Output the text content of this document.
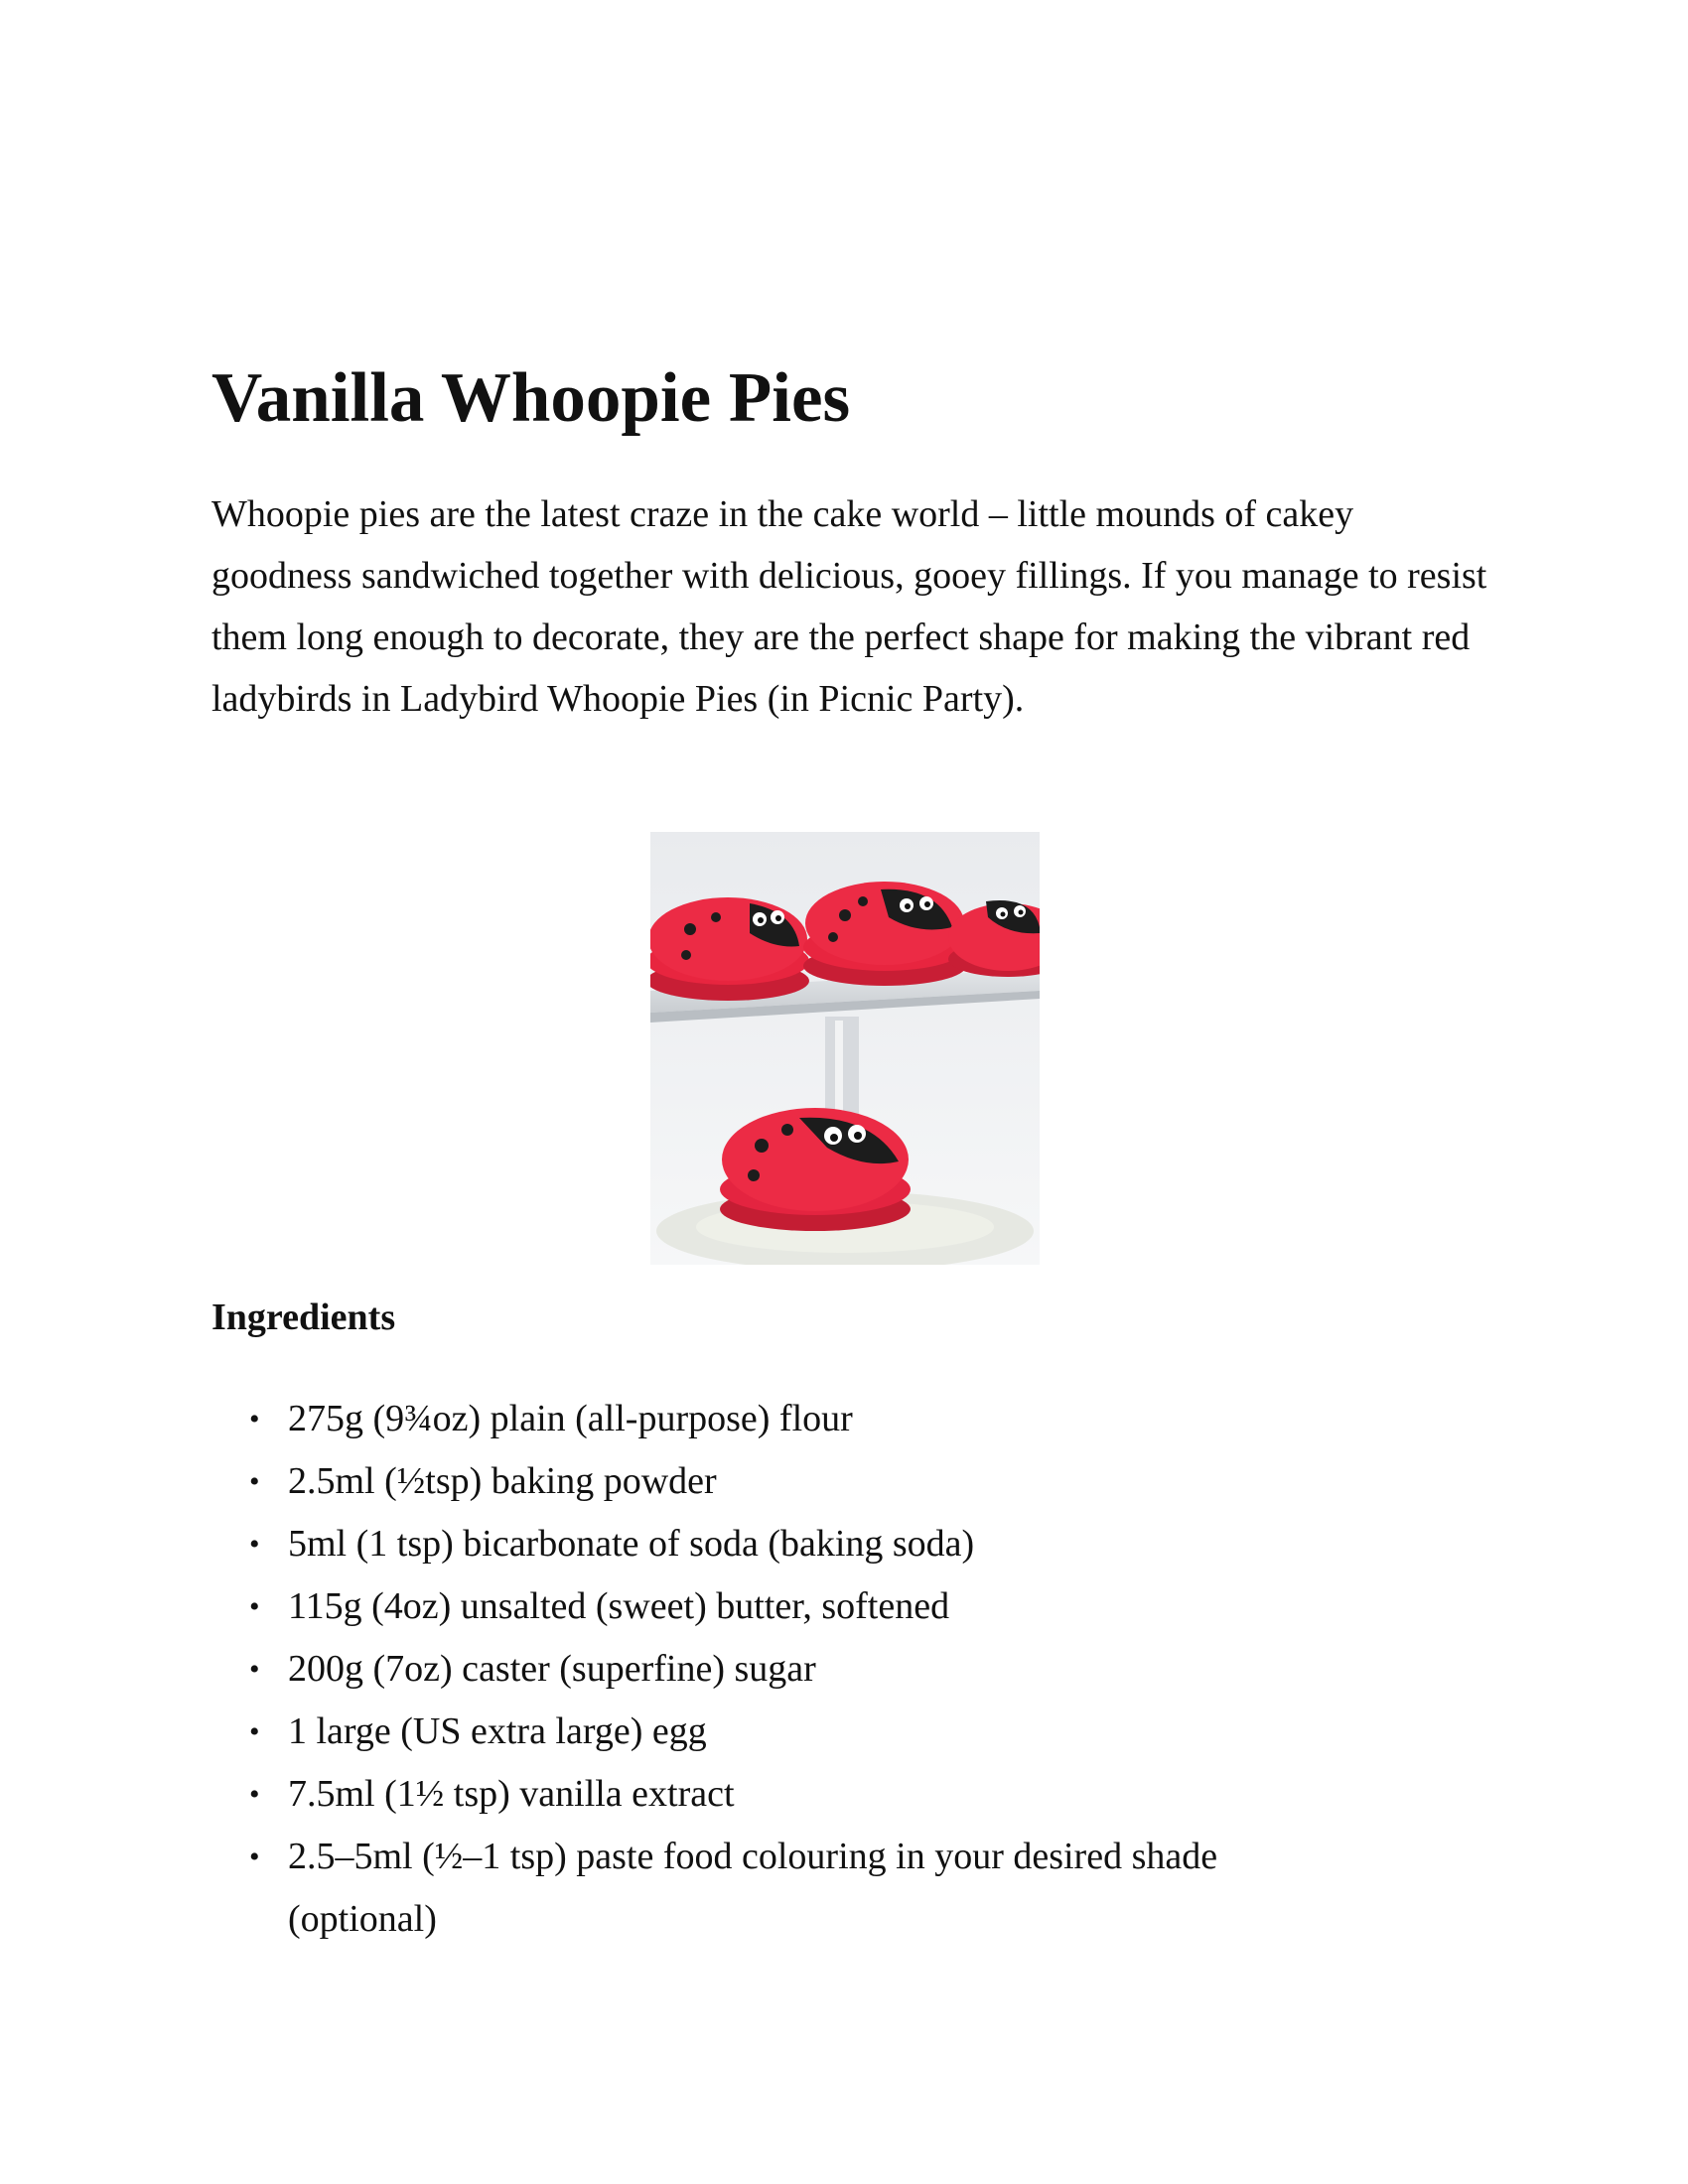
Vanilla Whoopie Pies

Whoopie pies are the latest craze in the cake world – little mounds of cakey goodness sandwiched together with delicious, gooey fillings. If you manage to resist them long enough to decorate, they are the perfect shape for making the vibrant red ladybirds in Ladybird Whoopie Pies (in Picnic Party).

Ingredients
• 275g (9¾oz) plain (all-purpose) flour
• 2.5ml (½tsp) baking powder
• 5ml (1 tsp) bicarbonate of soda (baking soda)
• 115g (4oz) unsalted (sweet) butter, softened
• 200g (7oz) caster (superfine) sugar
• 1 large (US extra large) egg
• 7.5ml (1½ tsp) vanilla extract
• 2.5–5ml (½–1 tsp) paste food colouring in your desired shade (optional)
